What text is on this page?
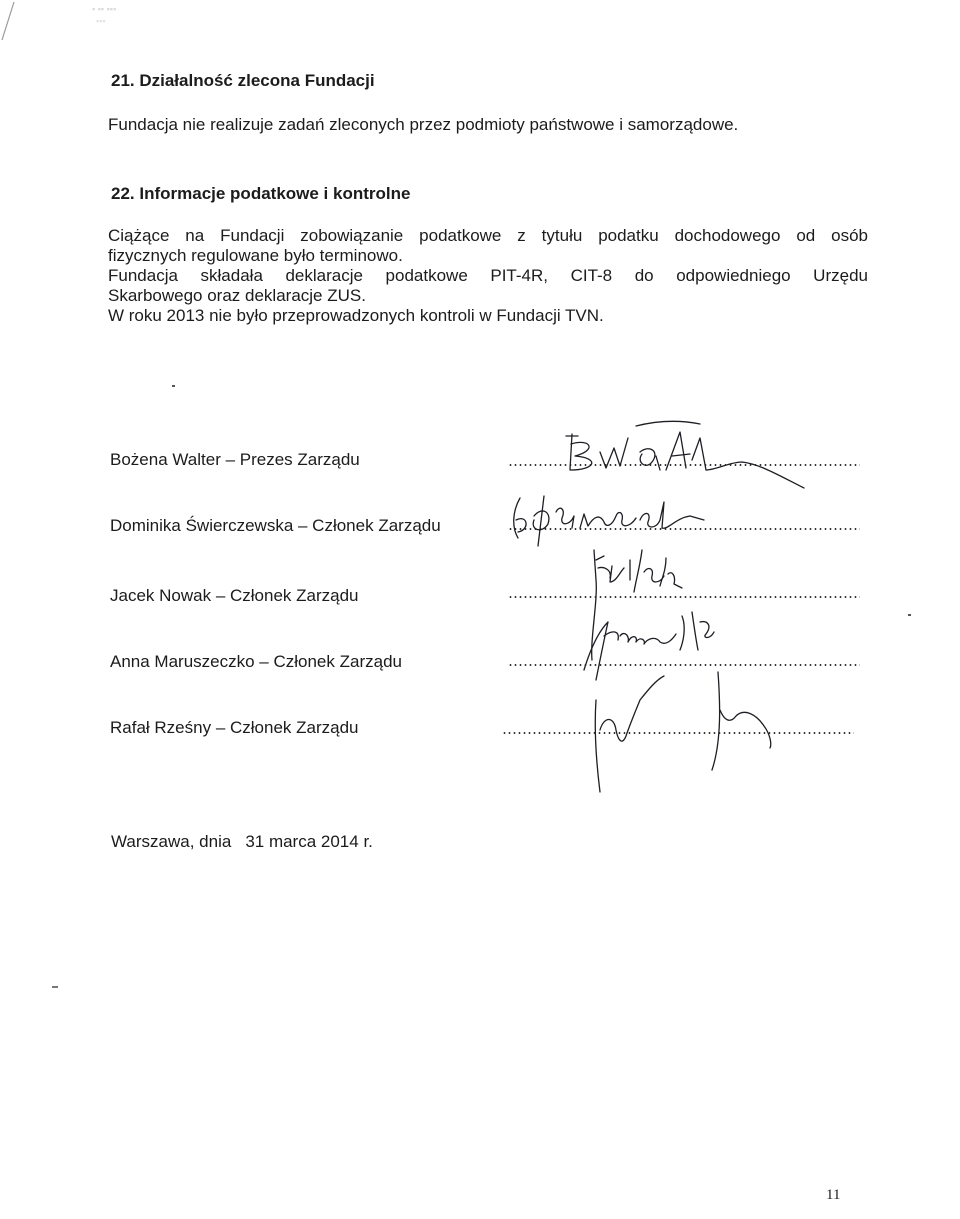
▪ ▪▪ ▪▪▪
▪▪▪
21. Działalność zlecona Fundacji

Fundacja nie realizuje zadań zleconych przez podmioty państwowe i samorządowe.

22. Informacje podatkowe i kontrolne

Ciążące na Fundacji zobowiązanie podatkowe z tytułu podatku dochodowego od osób

fizycznych regulowane było terminowo.

Fundacja składała deklaracje podatkowe PIT-4R, CIT-8 do odpowiedniego Urzędu

Skarbowego oraz deklaracje ZUS.

W roku 2013 nie było przeprowadzonych kontroli w Fundacji TVN.

Bożena Walter – Prezes Zarządu
Dominika Świerczewska – Członek Zarządu
Jacek Nowak – Członek Zarządu
Anna Maruszeczko – Członek Zarządu
Rafał Rześny – Członek Zarządu
Warszawa, dnia 31 marca 2014 r.
11
